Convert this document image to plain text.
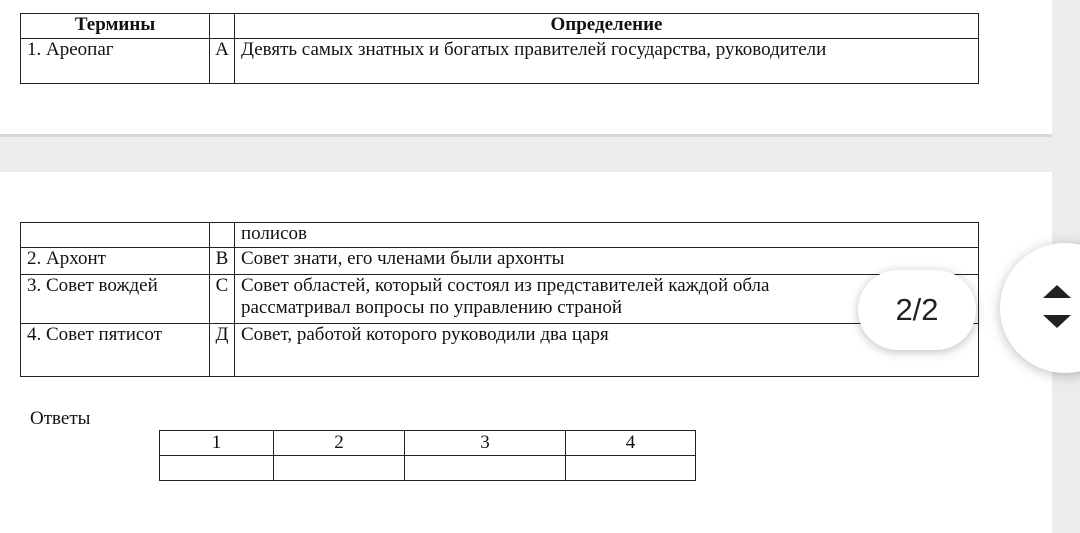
Термины		Определение
1. Ареопаг	А	Девять самых знатных и богатых правителей государства, руководители
		полисов
2. Архонт	В	Совет знати, его членами были архонты
3. Совет вождей	С	Совет областей, который состоял из представителей каждой обла
рассматривал вопросы по управлению страной

4. Совет пятисот	Д	Совет, работой которого руководили два царя
Ответы
1	2	3	4

2/2
